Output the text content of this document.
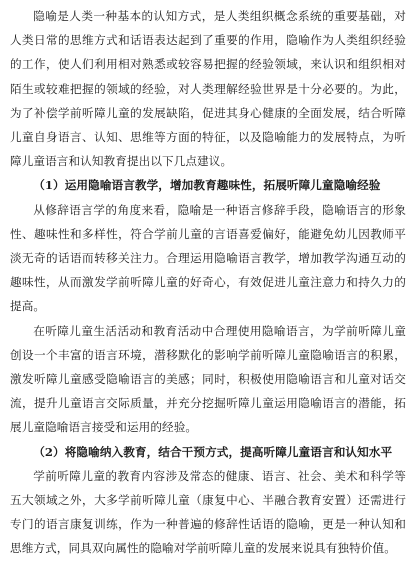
隐喻是人类一种基本的认知方式，是人类组织概念系统的重要基础，对人类日常的思维方式和话语表达起到了重要的作用，隐喻作为人类组织经验的工作，使人们利用相对熟悉或较容易把握的经验领域，来认识和组织相对陌生或较难把握的领域的经验，对人类理解经验世界是十分必要的。为此，为了补偿学前听障儿童的发展缺陷，促进其身心健康的全面发展，结合听障儿童自身语言、认知、思维等方面的特征，以及隐喻能力的发展特点，为听障儿童语言和认知教育提出以下几点建议。

（1）运用隐喻语言教学，增加教育趣味性，拓展听障儿童隐喻经验

从修辞语言学的角度来看，隐喻是一种语言修辞手段，隐喻语言的形象性、趣味性和多样性，符合学前儿童的言语喜爱偏好，能避免幼儿因教师平淡无奇的话语而转移关注力。合理运用隐喻语言教学，增加教学沟通互动的趣味性，从而激发学前听障儿童的好奇心，有效促进儿童注意力和持久力的提高。

在听障儿童生活活动和教育活动中合理使用隐喻语言，为学前听障儿童创设一个丰富的语言环境，潜移默化的影响学前听障儿童隐喻语言的积累，激发听障儿童感受隐喻语言的美感；同时，积极使用隐喻语言和儿童对话交流，提升儿童语言交际质量，并充分挖掘听障儿童运用隐喻语言的潜能，拓展儿童隐喻语言接受和运用的经验。

（2）将隐喻纳入教育，结合干预方式，提高听障儿童语言和认知水平

学前听障儿童的教育内容涉及常态的健康、语言、社会、美术和科学等五大领域之外，大多学前听障儿童（康复中心、半融合教育安置）还需进行专门的语言康复训练，作为一种普遍的修辞性话语的隐喻，更是一种认知和思维方式，同具双向属性的隐喻对学前听障儿童的发展来说具有独特价值。
